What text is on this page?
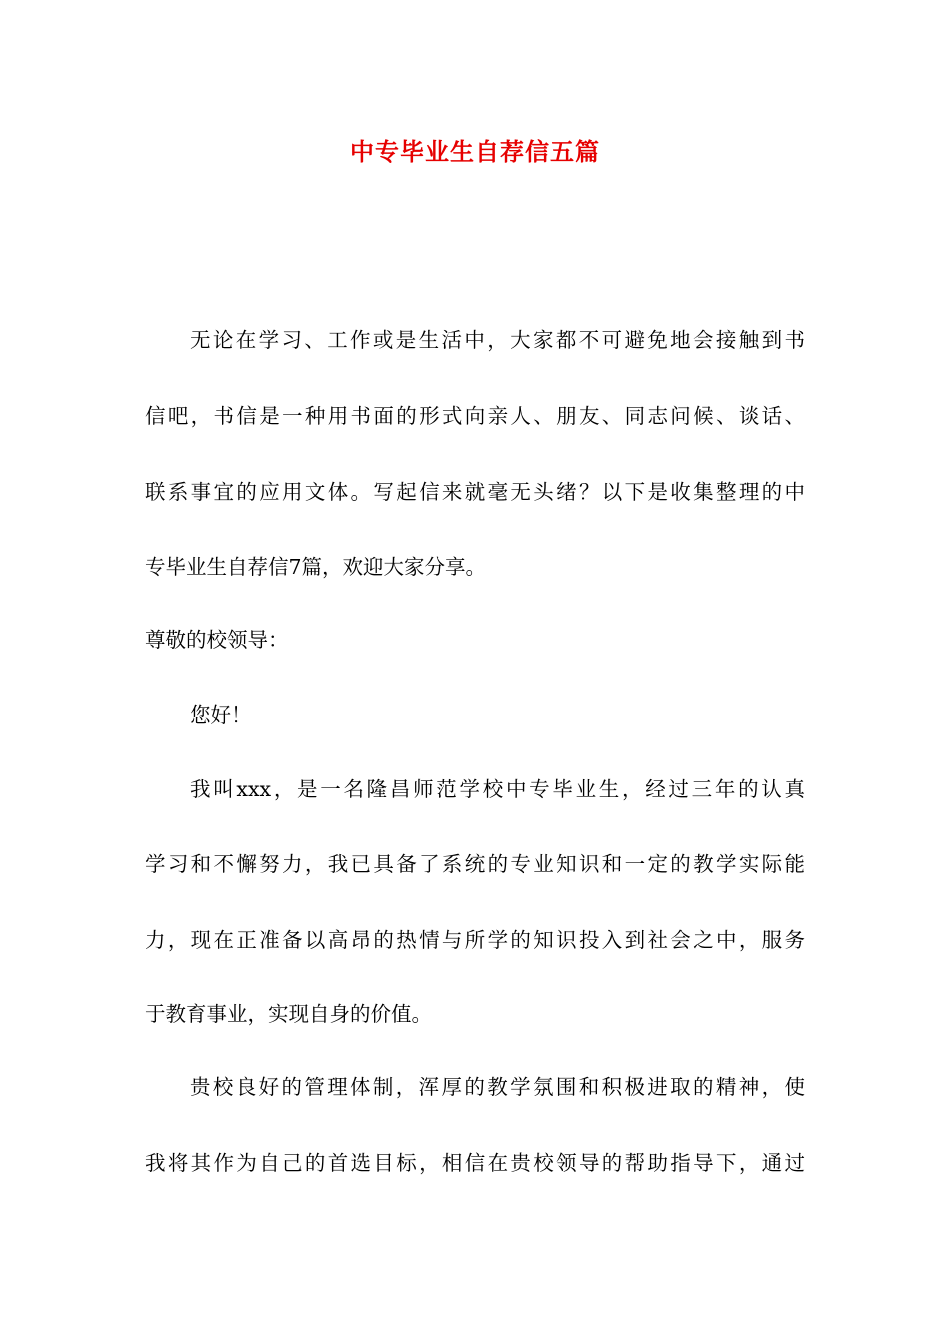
中专毕业生自荐信五篇
无论在学习、工作或是生活中，大家都不可避免地会接触到书
信吧，书信是一种用书面的形式向亲人、朋友、同志问候、谈话、
联系事宜的应用文体。写起信来就毫无头绪？以下是收集整理的中
专毕业生自荐信7篇，欢迎大家分享。
尊敬的校领导：
您好！
我叫xxx，是一名隆昌师范学校中专毕业生，经过三年的认真
学习和不懈努力，我已具备了系统的专业知识和一定的教学实际能
力，现在正准备以高昂的热情与所学的知识投入到社会之中，服务
于教育事业，实现自身的价值。
贵校良好的管理体制，浑厚的教学氛围和积极进取的精神，使
我将其作为自己的首选目标，相信在贵校领导的帮助指导下，通过
